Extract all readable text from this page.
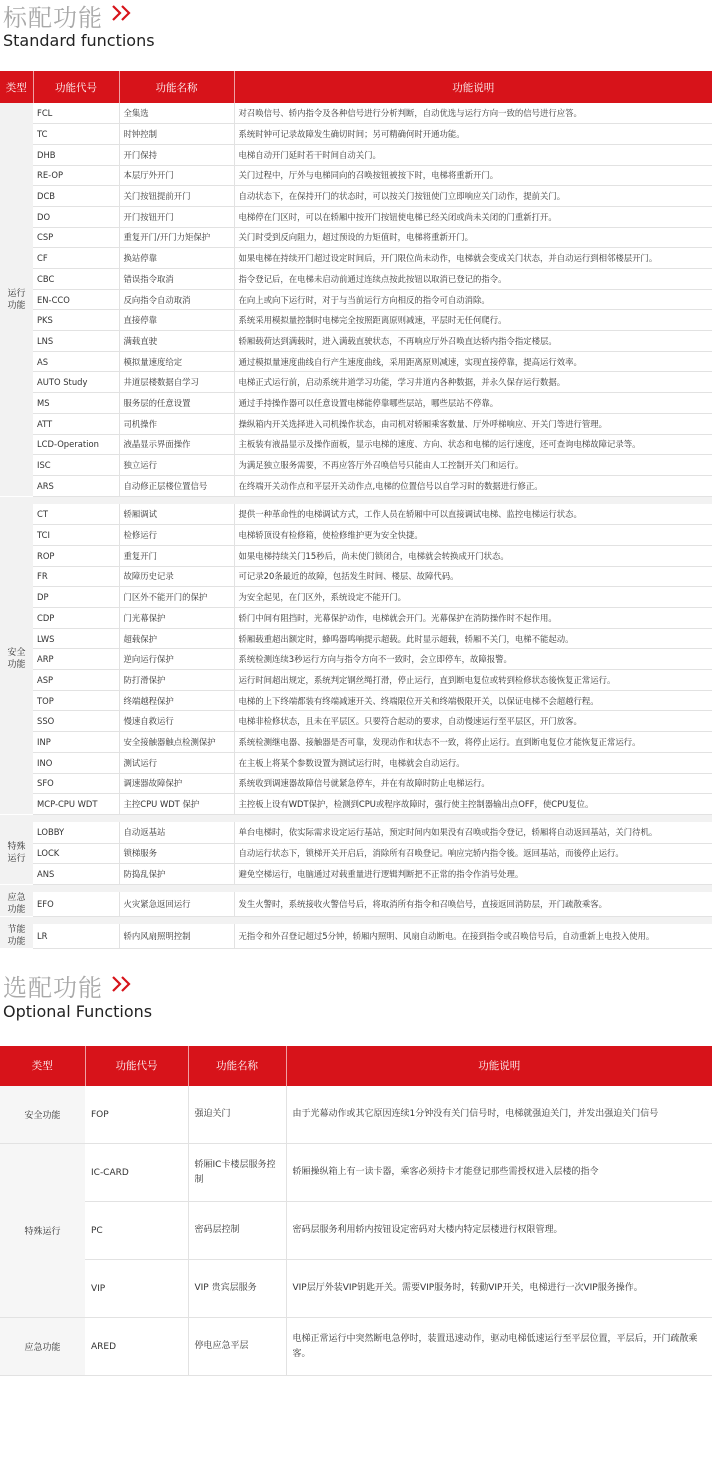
标配功能
Standard functions
类型	功能代号	功能名称	功能说明

运行
功能	FCL	全集选	对召唤信号、轿内指令及各种信号进行分析判断，自动优选与运行方向一致的信号进行应答。
	TC	时钟控制	系统时钟可记录故障发生确切时间；另可精确何时开通功能。
	DHB	开门保持	电梯自动开门延时若干时间自动关门。
	RE-OP	本层厅外开门	关门过程中，厅外与电梯同向的召唤按钮被按下时，电梯将重新开门。
	DCB	关门按钮提前开门	自动状态下，在保持开门的状态时，可以按关门按钮使门立即响应关门动作，提前关门。
	DO	开门按钮开门	电梯停在门区时，可以在轿厢中按开门按钮使电梯已经关闭或尚未关闭的门重新打开。
	CSP	重复开门/开门力矩保护	关门时受到反向阻力，超过预设的力矩值时，电梯将重新开门。
	CF	换站停靠	如果电梯在持续开门超过设定时间后，开门限位尚未动作，电梯就会变成关门状态，并自动运行到相邻楼层开门。
	CBC	错误指令取消	指令登记后，在电梯未启动前通过连续点按此按钮以取消已登记的指令。
	EN-CCO	反向指令自动取消	在向上或向下运行时，对于与当前运行方向相反的指令可自动消除。
	PKS	直接停靠	系统采用模拟量控制时电梯完全按照距离原则减速，平层时无任何爬行。
	LNS	满载直驶	轿厢载荷达到满载时，进入满载直驶状态，不再响应厅外召唤直达轿内指令指定楼层。
	AS	模拟量速度给定	通过模拟量速度曲线自行产生速度曲线，采用距离原则减速，实现直接停靠，提高运行效率。
	AUTO Study	井道层楼数据自学习	电梯正式运行前，启动系统井道学习功能，学习井道内各种数据，并永久保存运行数据。
	MS	服务层的任意设置	通过手持操作器可以任意设置电梯能停靠哪些层站，哪些层站不停靠。
	ATT	司机操作	操纵箱内开关选择进入司机操作状态，由司机对轿厢乘客数量、厅外呼梯响应、开关门等进行管理。
	LCD-Operation	液晶显示界面操作	主板装有液晶显示及操作面板，显示电梯的速度、方向、状态和电梯的运行速度，还可查询电梯故障记录等。
	ISC	独立运行	为满足独立服务需要，不再应答厅外召唤信号只能由人工控制开关门和运行。
	ARS	自动修正层楼位置信号	在终端开关动作点和平层开关动作点,电梯的位置信号以自学习时的数据进行修正。

安全
功能	CT	轿厢调试	提供一种革命性的电梯调试方式，工作人员在轿厢中可以直接调试电梯、监控电梯运行状态。
	TCI	检修运行	电梯轿顶设有检修箱，使检修维护更为安全快捷。
	ROP	重复开门	如果电梯持续关门15秒后，尚未使门锁闭合，电梯就会转换成开门状态。
	FR	故障历史记录	可记录20条最近的故障，包括发生时间、楼层、故障代码。
	DP	门区外不能开门的保护	为安全起见，在门区外，系统设定不能开门。
	CDP	门光幕保护	轿门中间有阻挡时，光幕保护动作，电梯就会开门。光幕保护在消防操作时不起作用。
	LWS	超载保护	轿厢载重超出额定时，蜂鸣器鸣响提示超载。此时显示超载，轿厢不关门，电梯不能起动。
	ARP	逆向运行保护	系统检测连续3秒运行方向与指令方向不一致时，会立即停车，故障报警。
	ASP	防打滑保护	运行时间超出规定，系统判定钢丝绳打滑，停止运行，直到断电复位或转到检修状态後恢复正常运行。
	TOP	终端越程保护	电梯的上下终端都装有终端减速开关、终端限位开关和终端极限开关，以保证电梯不会超越行程。
	SSO	慢速自救运行	电梯非检修状态，且未在平层区。只要符合起动的要求，自动慢速运行至平层区，开门放客。
	INP	安全接触器触点检测保护	系统检测继电器、接触器是否可靠，发现动作和状态不一致，将停止运行。直到断电复位才能恢复正常运行。
	INO	测试运行	在主板上将某个参数设置为测试运行时，电梯就会自动运行。
	SFO	调速器故障保护	系统收到调速器故障信号就紧急停车，并在有故障时防止电梯运行。
	MCP-CPU WDT	主控CPU WDT 保护	主控板上设有WDT保护，检测到CPU或程序故障时，强行使主控制器输出点OFF，使CPU复位。

特殊
运行	LOBBY	自动返基站	单台电梯时，依实际需求设定运行基站，预定时间内如果没有召唤或指令登记，轿厢将自动返回基站，关门待机。
	LOCK	锁梯服务	自动运行状态下，锁梯开关开启后，消除所有召唤登记。响应完轿内指令後。返回基站，而後停止运行。
	ANS	防捣乱保护	避免空梯运行，电脑通过对载重量进行逻辑判断把不正常的指令作消号处理。

应急
功能	EFO	火灾紧急返回运行	发生火警时，系统接收火警信号后，将取消所有指令和召唤信号，直接返回消防层，开门疏散乘客。

节能
功能	LR	轿内风扇照明控制	无指令和外召登记超过5分钟，轿厢内照明、风扇自动断电。在接到指令或召唤信号后，自动重新上电投入使用。
选配功能
Optional Functions
类型	功能代号	功能名称	功能说明
安全功能	FOP	强迫关门	由于光幕动作或其它原因连续1分钟没有关门信号时，电梯就强迫关门，并发出强迫关门信号
特殊运行	IC-CARD	轿厢IC卡楼层服务控制	轿厢操纵箱上有一读卡器，乘客必须持卡才能登记那些需授权进入层楼的指令
	PC	密码层控制	密码层服务利用轿内按钮设定密码对大楼内特定层楼进行权限管理。
	VIP	VIP 贵宾层服务	VIP层厅外装VIP钥匙开关。需要VIP服务时，转動VIP开关，电梯进行一次VIP服务操作。
应急功能	ARED	停电应急平层	电梯正常运行中突然断电急停时，装置迅速动作，驱动电梯低速运行至平层位置，平层后，开门疏散乘客。
